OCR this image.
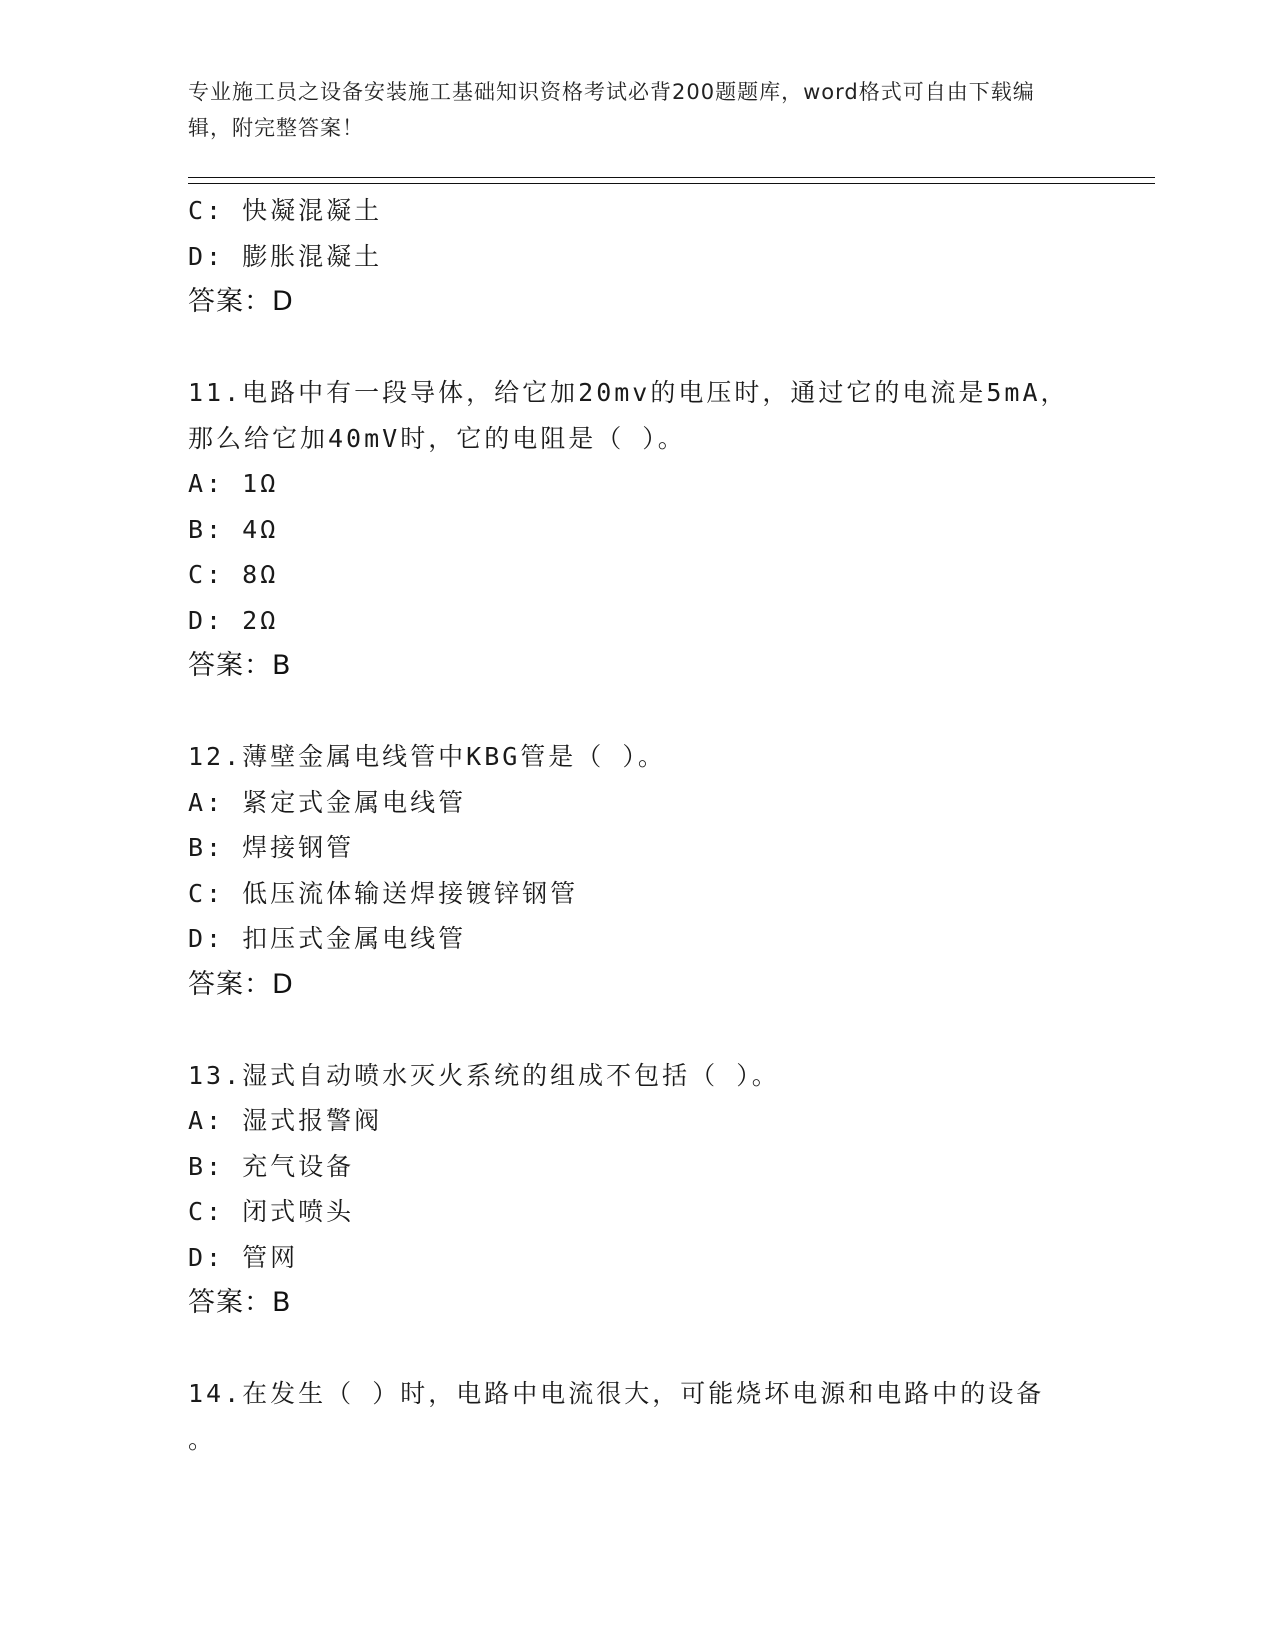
专业施工员之设备安装施工基础知识资格考试必背200题题库，word格式可自由下载编辑，附完整答案！
C: 快凝混凝土
D: 膨胀混凝土
答案：D
11.电路中有一段导体，给它加20mv的电压时，通过它的电流是5mA，
那么给它加40mV时，它的电阻是（ ）。
A: 1Ω
B: 4Ω
C: 8Ω
D: 2Ω
答案：B
12.薄壁金属电线管中KBG管是（ ）。
A: 紧定式金属电线管
B: 焊接钢管
C: 低压流体输送焊接镀锌钢管
D: 扣压式金属电线管
答案：D
13.湿式自动喷水灭火系统的组成不包括（ ）。
A: 湿式报警阀
B: 充气设备
C: 闭式喷头
D: 管网
答案：B
14.在发生（ ）时，电路中电流很大，可能烧坏电源和电路中的设备
。
